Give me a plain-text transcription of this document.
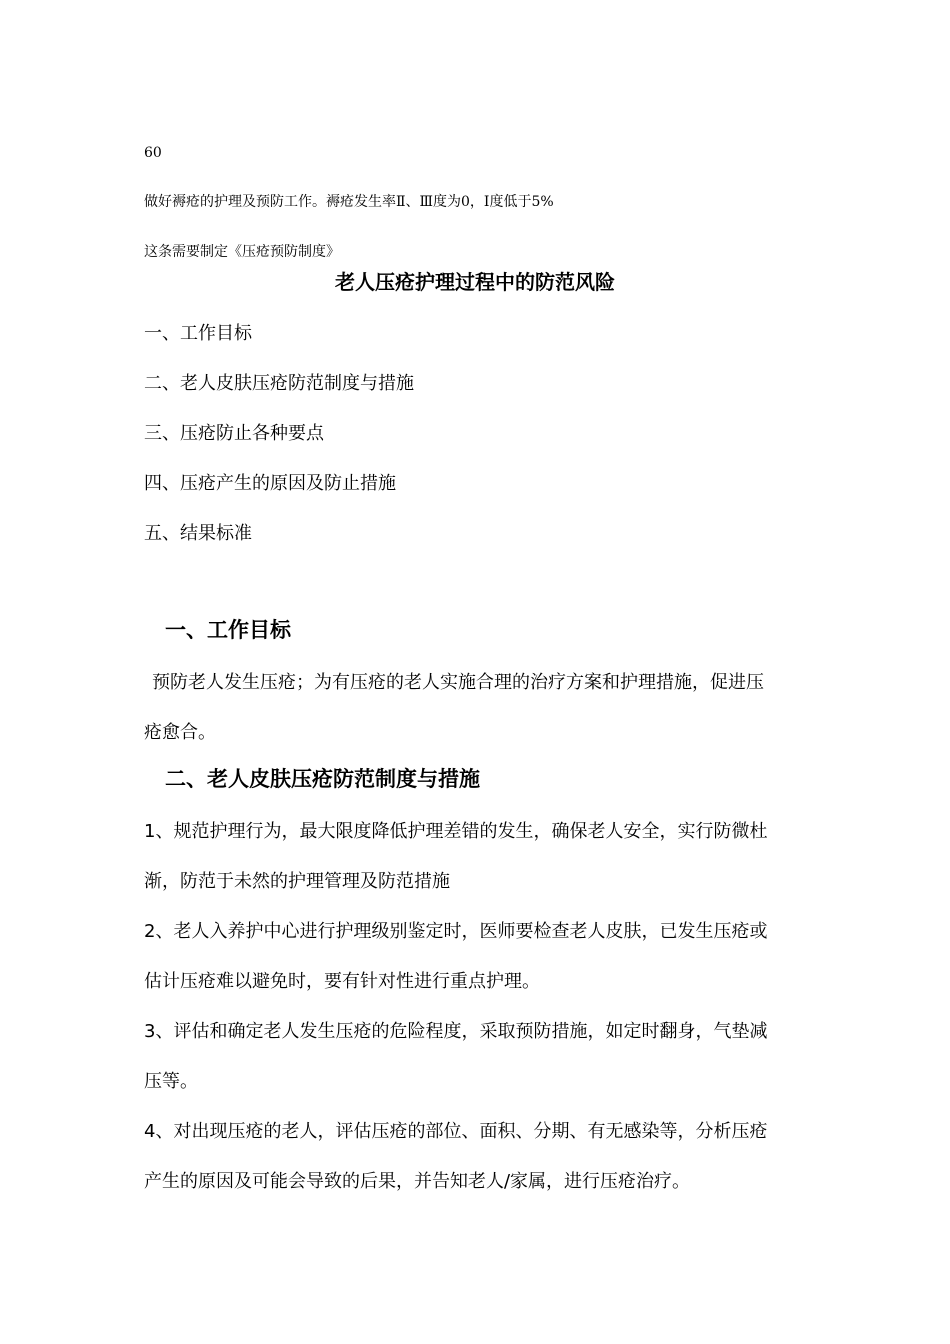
60
做好褥疮的护理及预防工作。褥疮发生率Ⅱ、Ⅲ度为0，Ⅰ度低于5%
这条需要制定《压疮预防制度》
老人压疮护理过程中的防范风险
一、工作目标
二、老人皮肤压疮防范制度与措施
三、压疮防止各种要点
四、压疮产生的原因及防止措施
五、结果标准
一、工作目标
预防老人发生压疮；为有压疮的老人实施合理的治疗方案和护理措施，促进压
疮愈合。
二、老人皮肤压疮防范制度与措施
1、规范护理行为，最大限度降低护理差错的发生，确保老人安全，实行防微杜
渐，防范于未然的护理管理及防范措施
2、老人入养护中心进行护理级别鉴定时，医师要检查老人皮肤，已发生压疮或
估计压疮难以避免时，要有针对性进行重点护理。
3、评估和确定老人发生压疮的危险程度，采取预防措施，如定时翻身，气垫减
压等。
4、对出现压疮的老人，评估压疮的部位、面积、分期、有无感染等，分析压疮
产生的原因及可能会导致的后果，并告知老人/家属，进行压疮治疗。
